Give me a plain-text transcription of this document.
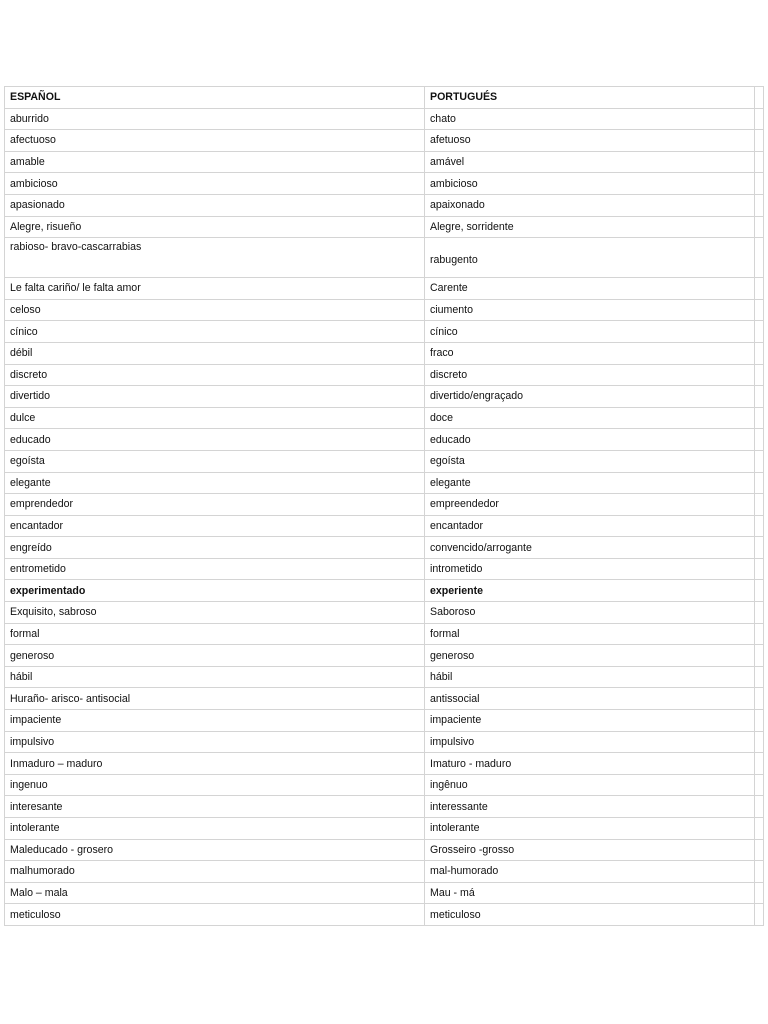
ESPAÑOL	PORTUGUÉS	
aburrido	chato	
afectuoso	afetuoso	
amable	amável	
ambicioso	ambicioso	
apasionado	apaixonado	
Alegre, risueño	Alegre, sorridente	
rabioso- bravo-cascarrabias	rabugento	
Le falta cariño/ le falta amor	Carente	
celoso	ciumento	
cínico	cínico	
débil	fraco	
discreto	discreto	
divertido	divertido/engraçado	
dulce	doce	
educado	educado	
egoísta	egoísta	
elegante	elegante	
emprendedor	empreendedor	
encantador	encantador	
engreído	convencido/arrogante	
entrometido	intrometido	
experimentado	experiente	
Exquisito, sabroso	Saboroso	
formal	formal	
generoso	generoso	
hábil	hábil	
Huraño- arisco- antisocial	antissocial	
impaciente	impaciente	
impulsivo	impulsivo	
Inmaduro – maduro	Imaturo - maduro	
ingenuo	ingênuo	
interesante	interessante	
intolerante	intolerante	
Maleducado - grosero	Grosseiro -grosso	
malhumorado	mal-humorado	
Malo – mala	Mau - má	
meticuloso	meticuloso	
